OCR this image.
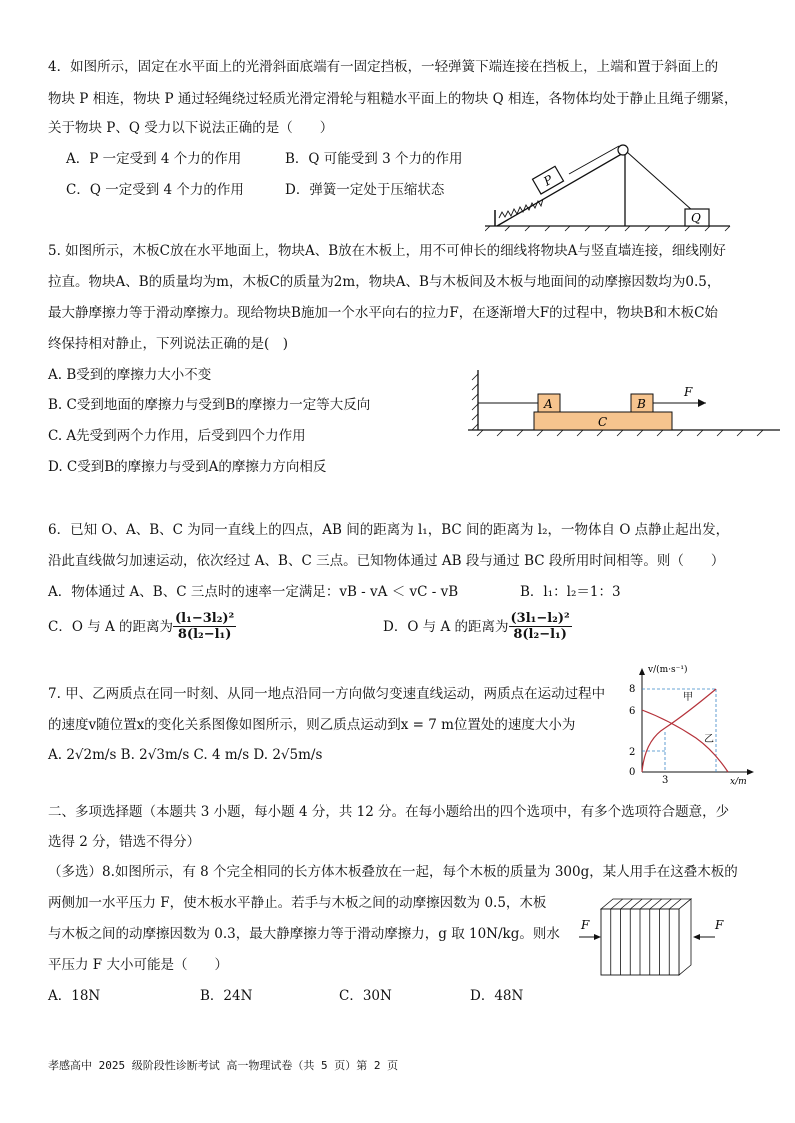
4．如图所示，固定在水平面上的光滑斜面底端有一固定挡板，一轻弹簧下端连接在挡板上，上端和置于斜面上的
物块 P 相连，物块 P 通过轻绳绕过轻质光滑定滑轮与粗糙水平面上的物块 Q 相连，各物体均处于静止且绳子绷紧，
关于物块 P、Q 受力以下说法正确的是（　　）
A．P 一定受到 4 个力的作用	B．Q 可能受到 3 个力的作用
C．Q 一定受到 4 个力的作用	D．弹簧一定处于压缩状态
P
Q
5. 如图所示，木板C放在水平地面上，物块A、B放在木板上，用不可伸长的细线将物块A与竖直墙连接，细线刚好
拉直。物块A、B的质量均为m，木板C的质量为2m，物块A、B与木板间及木板与地面间的动摩擦因数均为0.5，
最大静摩擦力等于滑动摩擦力。现给物块B施加一个水平向右的拉力F，在逐渐增大F的过程中，物块B和木板C始
终保持相对静止，下列说法正确的是(　)
A. B受到的摩擦力大小不变
B. C受到地面的摩擦力与受到B的摩擦力一定等大反向
C. A先受到两个力作用，后受到四个力作用
D. C受到B的摩擦力与受到A的摩擦力方向相反
C
A	B
F
6．已知 O、A、B、C 为同一直线上的四点，AB 间的距离为 l₁，BC 间的距离为 l₂，一物体自 O 点静止起出发，
沿此直线做匀加速运动，依次经过 A、B、C 三点。已知物体通过 AB 段与通过 BC 段所用时间相等。则（　　）
A．物体通过 A、B、C 三点时的速率一定满足：vB - vA ＜ vC - vB	B．l₁：l₂＝1：3
C．O 与 A 的距离为 $\frac{\text{(l₁−3l₂)²}}{\text{8(l₂−l₁)}}$	D．O 与 A 的距离为 $\frac{\text{(3l₁−l₂)²}}{\text{8(l₂−l₁)}}$
7. 甲、乙两质点在同一时刻、从同一地点沿同一方向做匀变速直线运动，两质点在运动过程中
的速度v随位置x的变化关系图像如图所示，则乙质点运动到x = 7 m位置处的速度大小为
A. 2√2m/s B. 2√3m/s C. 4 m/s D. 2√5m/s
v/(m·s⁻¹)
x/m
0
8
6
2
3
甲
乙
二、多项选择题（本题共 3 小题，每小题 4 分，共 12 分。在每小题给出的四个选项中，有多个选项符合题意，少
选得 2 分，错选不得分）
（多选）8.如图所示，有 8 个完全相同的长方体木板叠放在一起，每个木板的质量为 300g，某人用手在这叠木板的
两侧加一水平压力 F，使木板水平静止。若手与木板之间的动摩擦因数为 0.5，木板
与木板之间的动摩擦因数为 0.3，最大静摩擦力等于滑动摩擦力，g 取 10N/kg。则水
平压力 F 大小可能是（　　）
A．18N	B．24N	C．30N	D．48N
F	F
孝感高中 2025 级阶段性诊断考试 高一物理试卷（共 5 页）第 2 页
